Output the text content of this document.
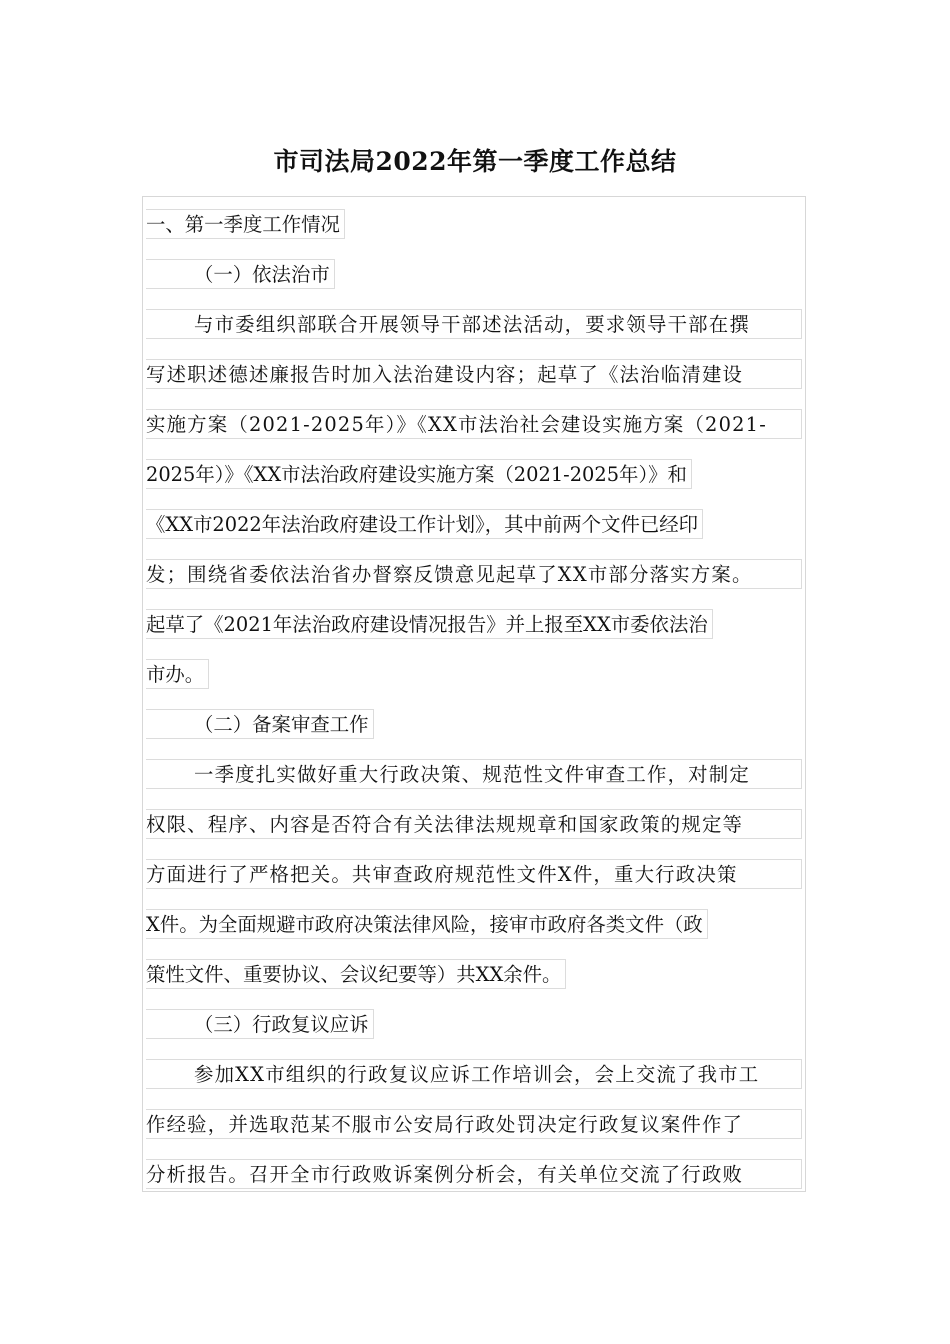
市司法局2022年第一季度工作总结
一、第一季度工作情况
（一）依法治市
与市委组织部联合开展领导干部述法活动，要求领导干部在撰
写述职述德述廉报告时加入法治建设内容；起草了《法治临清建设
实施方案（2021-2025年）》《XX市法治社会建设实施方案（2021-
2025年）》《XX市法治政府建设实施方案（2021-2025年）》和
《XX市2022年法治政府建设工作计划》，其中前两个文件已经印
发；围绕省委依法治省办督察反馈意见起草了XX市部分落实方案。
起草了《2021年法治政府建设情况报告》并上报至XX市委依法治
市办。
（二）备案审查工作
一季度扎实做好重大行政决策、规范性文件审查工作，对制定
权限、程序、内容是否符合有关法律法规规章和国家政策的规定等
方面进行了严格把关。共审查政府规范性文件X件，重大行政决策
X件。为全面规避市政府决策法律风险，接审市政府各类文件（政
策性文件、重要协议、会议纪要等）共XX余件。
（三）行政复议应诉
参加XX市组织的行政复议应诉工作培训会，会上交流了我市工
作经验，并选取范某不服市公安局行政处罚决定行政复议案件作了
分析报告。召开全市行政败诉案例分析会，有关单位交流了行政败
